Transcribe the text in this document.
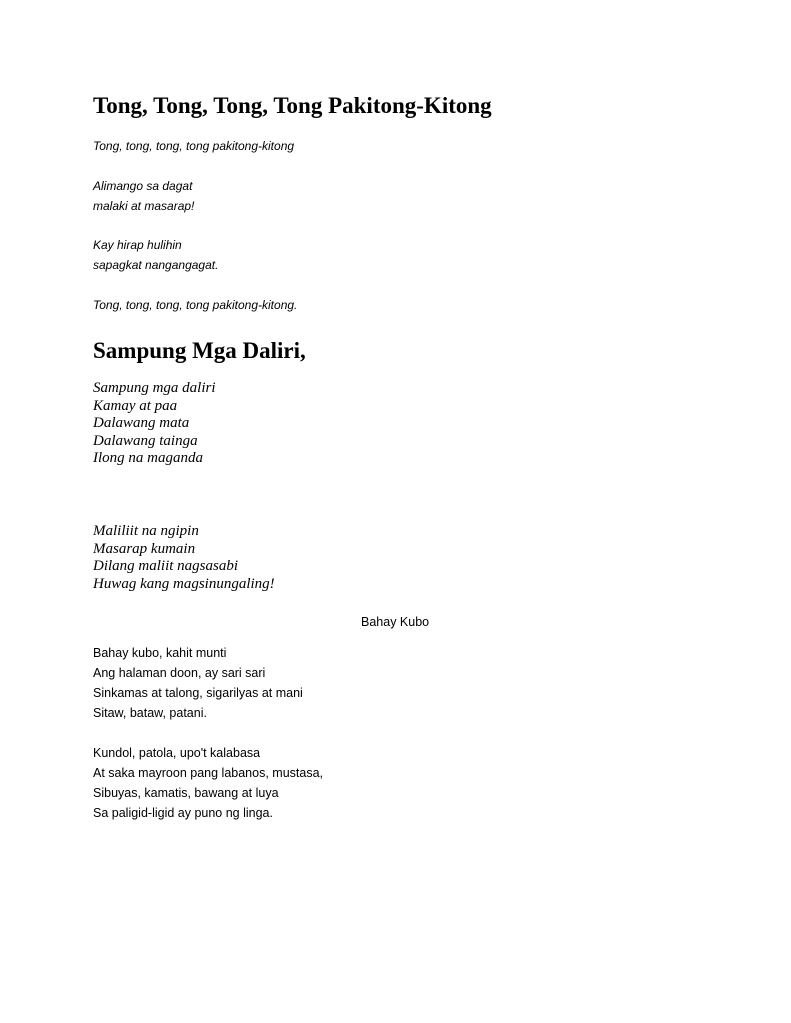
Tong, Tong, Tong, Tong Pakitong-Kitong
Tong, tong, tong, tong pakitong-kitong
Alimango sa dagat
malaki at masarap!
Kay hirap hulihin
sapagkat nangangagat.
Tong, tong, tong, tong pakitong-kitong.
Sampung Mga Daliri,
Sampung mga daliri
Kamay at paa
Dalawang mata
Dalawang tainga
Ilong na maganda
Maliliit na ngipin
Masarap kumain
Dilang maliit nagsasabi
Huwag kang magsinungaling!

Bahay Kubo

Bahay kubo, kahit munti
Ang halaman doon, ay sari sari
Sinkamas at talong, sigarilyas at mani
Sitaw, bataw, patani.
Kundol, patola, upo't kalabasa
At saka mayroon pang labanos, mustasa,
Sibuyas, kamatis, bawang at luya
Sa paligid-ligid ay puno ng linga.
